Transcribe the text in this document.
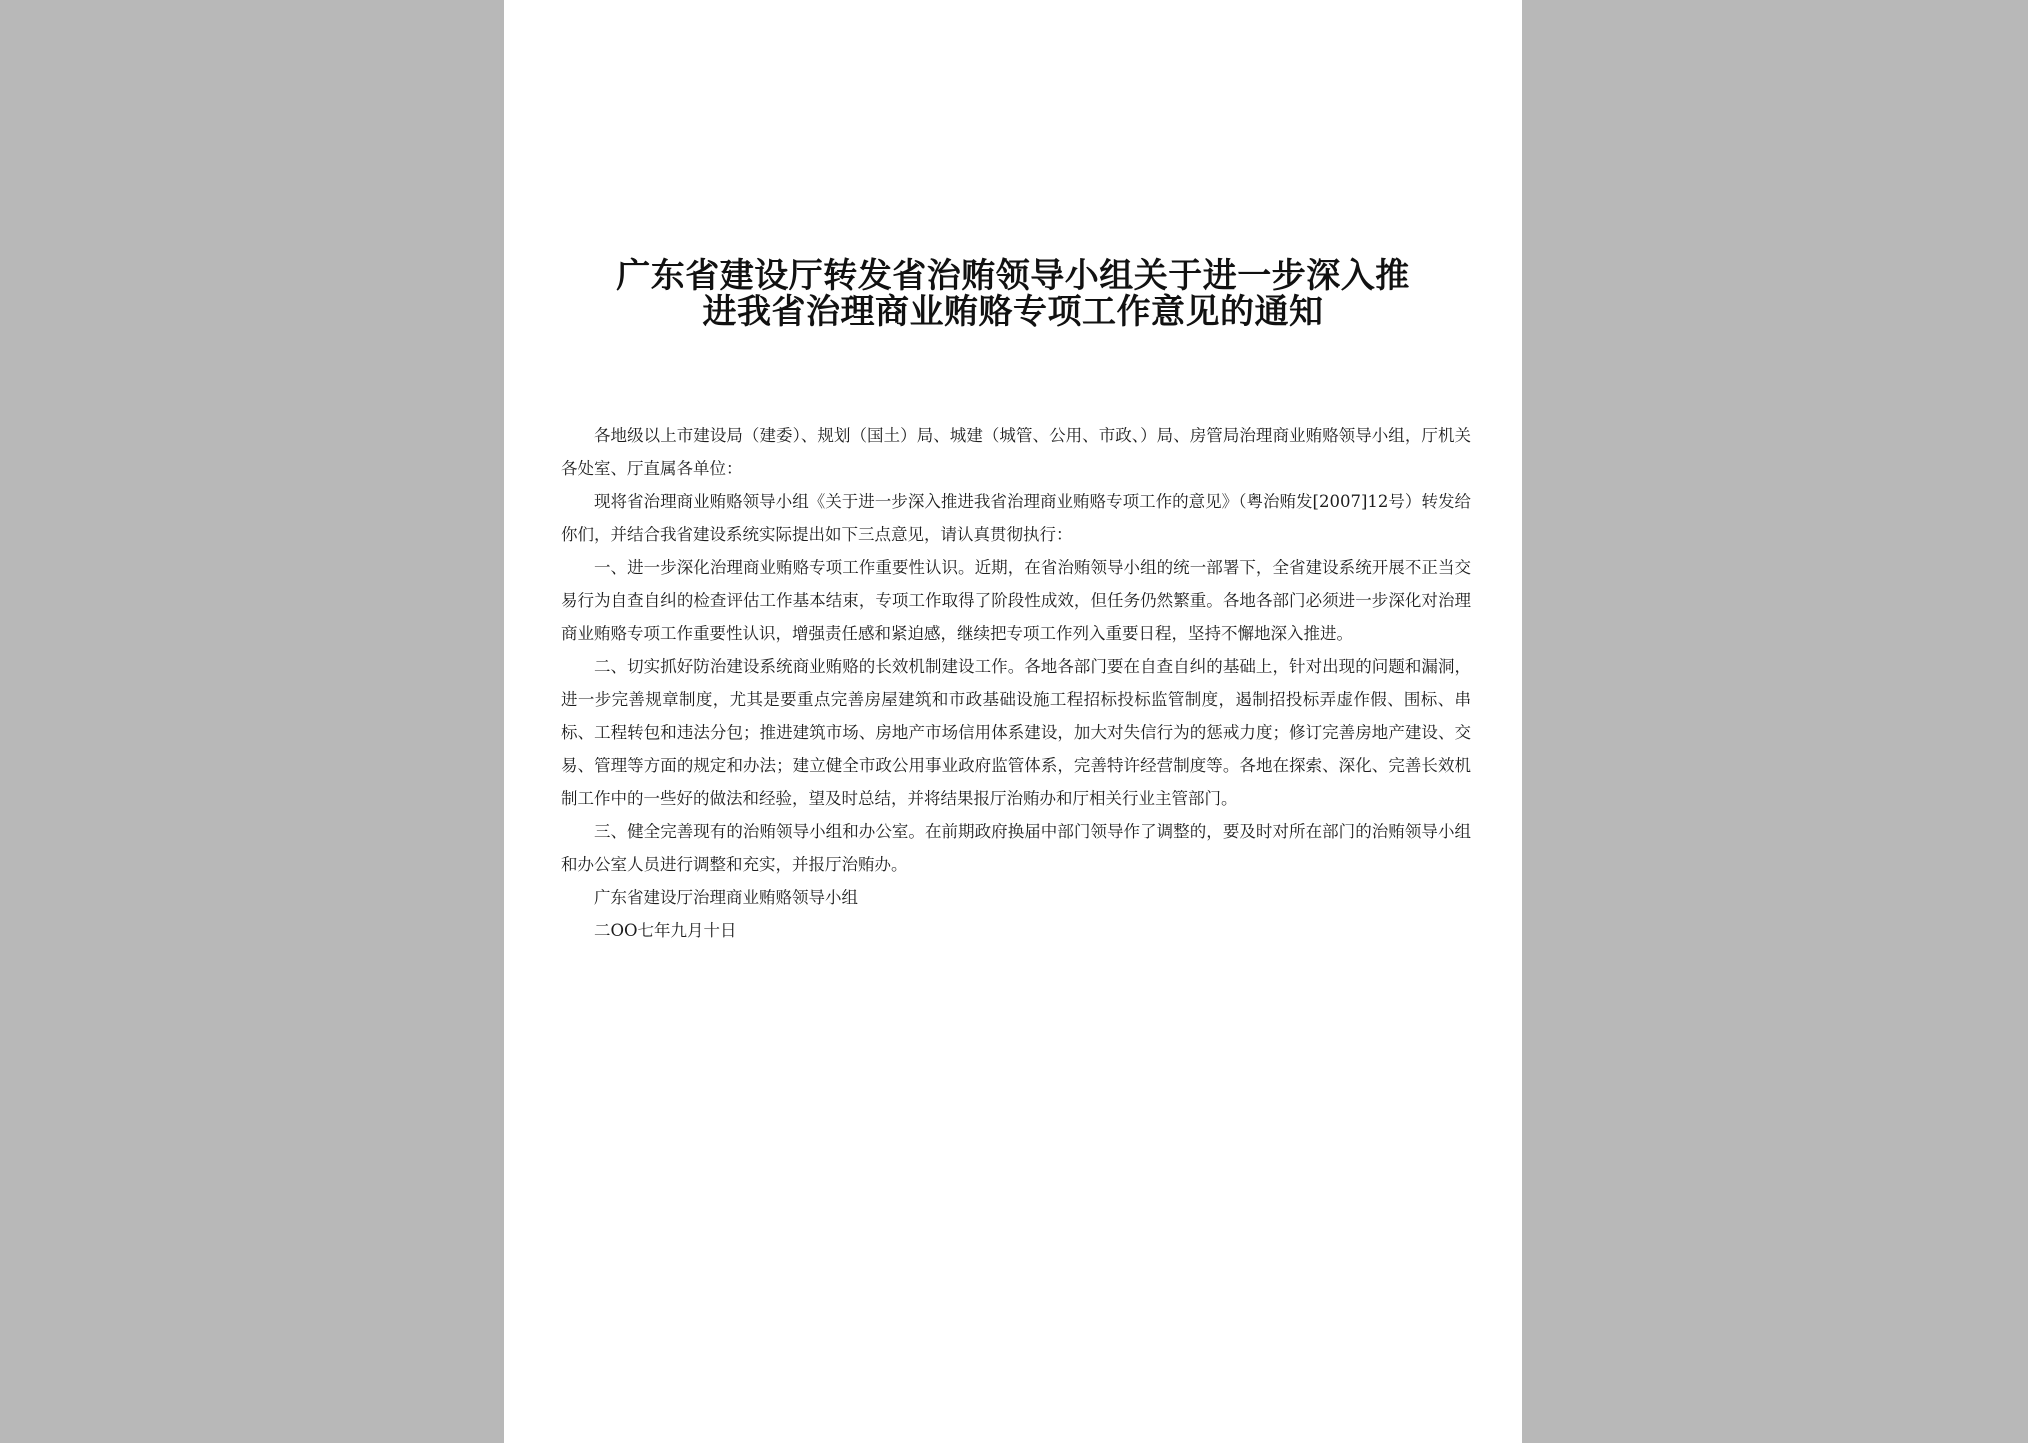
广东省建设厅转发省治贿领导小组关于进一步深入推
进我省治理商业贿赂专项工作意见的通知

各地级以上市建设局（建委）、规划（国土）局、城建（城管、公用、市政、）局、房管局治理商业贿赂领导小组，厅机关各处室、厅直属各单位：

现将省治理商业贿赂领导小组《关于进一步深入推进我省治理商业贿赂专项工作的意见》（粤治贿发[2007]12号）转发给你们，并结合我省建设系统实际提出如下三点意见，请认真贯彻执行：

一、进一步深化治理商业贿赂专项工作重要性认识。近期，在省治贿领导小组的统一部署下，全省建设系统开展不正当交易行为自查自纠的检查评估工作基本结束，专项工作取得了阶段性成效，但任务仍然繁重。各地各部门必须进一步深化对治理商业贿赂专项工作重要性认识，增强责任感和紧迫感，继续把专项工作列入重要日程，坚持不懈地深入推进。

二、切实抓好防治建设系统商业贿赂的长效机制建设工作。各地各部门要在自查自纠的基础上，针对出现的问题和漏洞，进一步完善规章制度，尤其是要重点完善房屋建筑和市政基础设施工程招标投标监管制度，遏制招投标弄虚作假、围标、串标、工程转包和违法分包；推进建筑市场、房地产市场信用体系建设，加大对失信行为的惩戒力度；修订完善房地产建设、交易、管理等方面的规定和办法；建立健全市政公用事业政府监管体系，完善特许经营制度等。各地在探索、深化、完善长效机制工作中的一些好的做法和经验，望及时总结，并将结果报厅治贿办和厅相关行业主管部门。

三、健全完善现有的治贿领导小组和办公室。在前期政府换届中部门领导作了调整的，要及时对所在部门的治贿领导小组和办公室人员进行调整和充实，并报厅治贿办。

广东省建设厅治理商业贿赂领导小组

二OO七年九月十日
